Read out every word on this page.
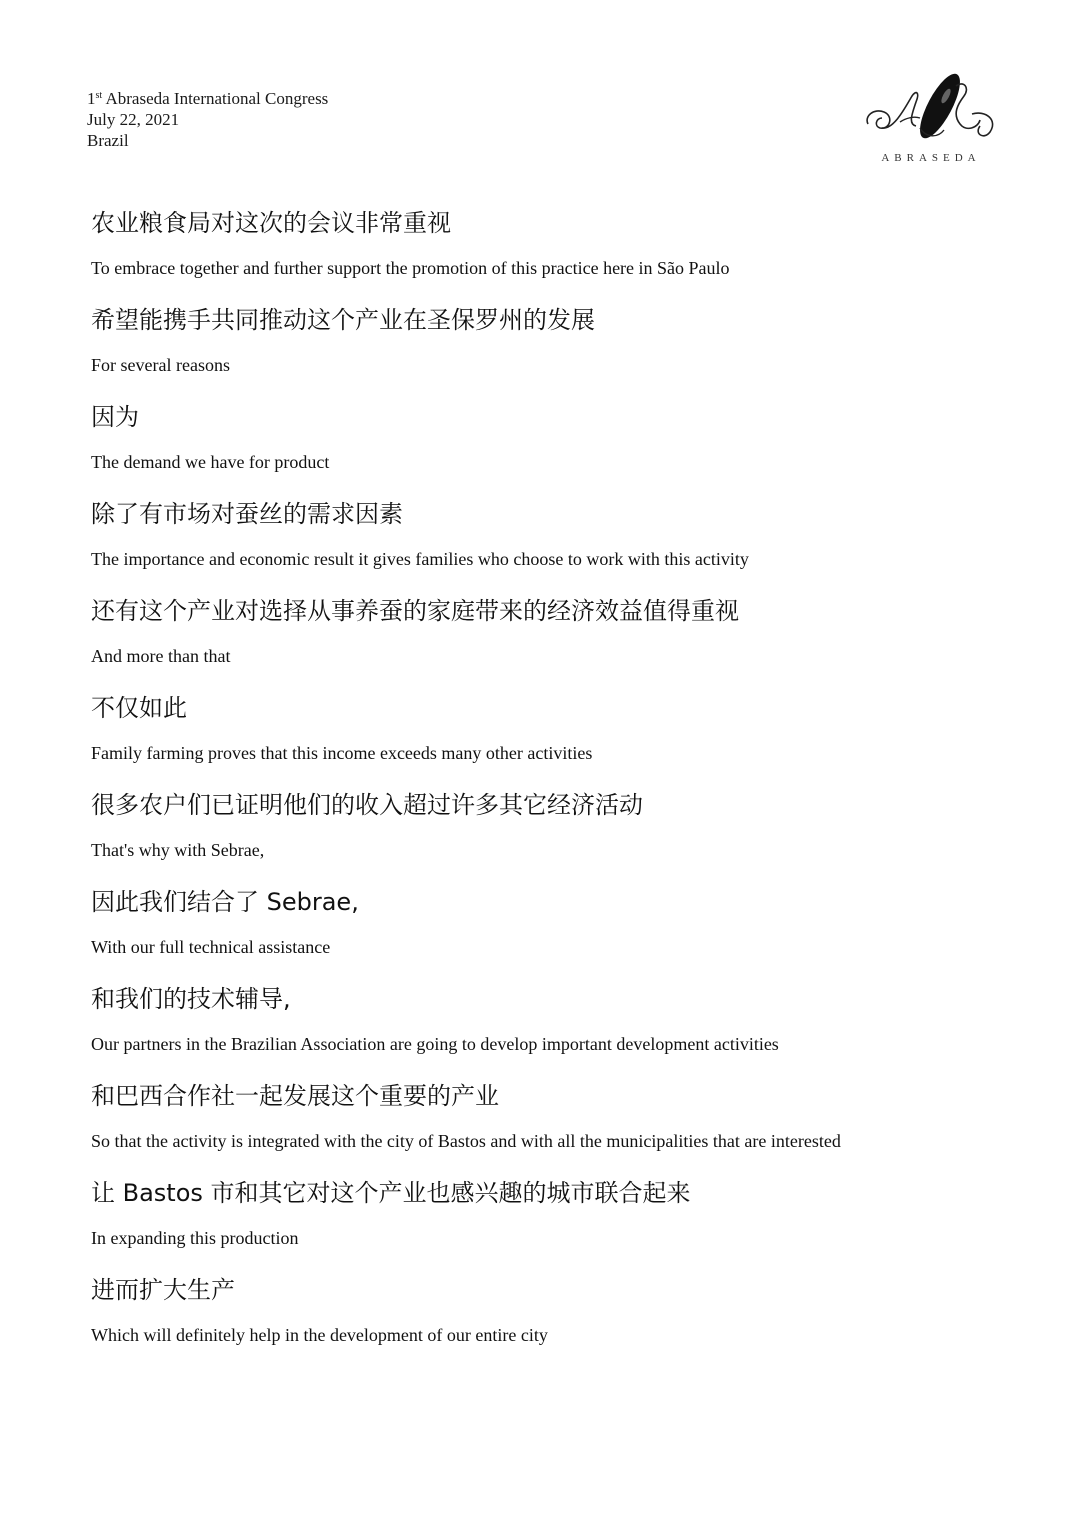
1st Abraseda International Congress
July 22, 2021
Brazil
ABRASEDA
农业粮食局对这次的会议非常重视
To embrace together and further support the promotion of this practice here in São Paulo
希望能携手共同推动这个产业在圣保罗州的发展
For several reasons
因为
The demand we have for product
除了有市场对蚕丝的需求因素
The importance and economic result it gives families who choose to work with this activity
还有这个产业对选择从事养蚕的家庭带来的经济效益值得重视
And more than that
不仅如此
Family farming proves that this income exceeds many other activities
很多农户们已证明他们的收入超过许多其它经济活动
That's why with Sebrae,
因此我们结合了 Sebrae,
With our full technical assistance
和我们的技术辅导,
Our partners in the Brazilian Association are going to develop important development activities
和巴西合作社一起发展这个重要的产业
So that the activity is integrated with the city of Bastos and with all the municipalities that are interested
让 Bastos 市和其它对这个产业也感兴趣的城市联合起来
In expanding this production
进而扩大生产
Which will definitely help in the development of our entire city
